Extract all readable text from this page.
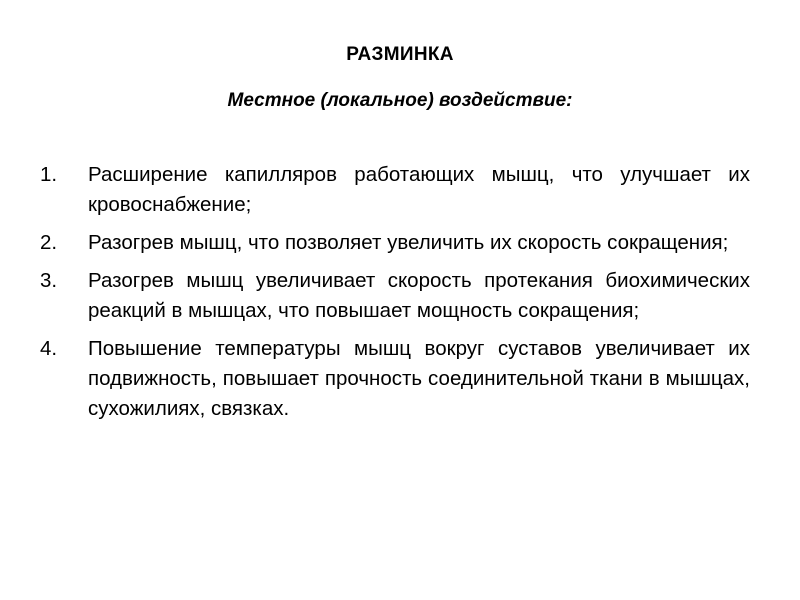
РАЗМИНКА
Местное (локальное) воздействие:
1. Расширение капилляров работающих мышц, что улучшает их кровоснабжение;
2. Разогрев мышц, что позволяет увеличить их скорость сокращения;
3. Разогрев мышц увеличивает скорость протекания биохимических реакций в мышцах, что повышает мощность сокращения;
4. Повышение температуры мышц вокруг суставов увеличивает их подвижность, повышает прочность соединительной ткани в мышцах, сухожилиях, связках.
